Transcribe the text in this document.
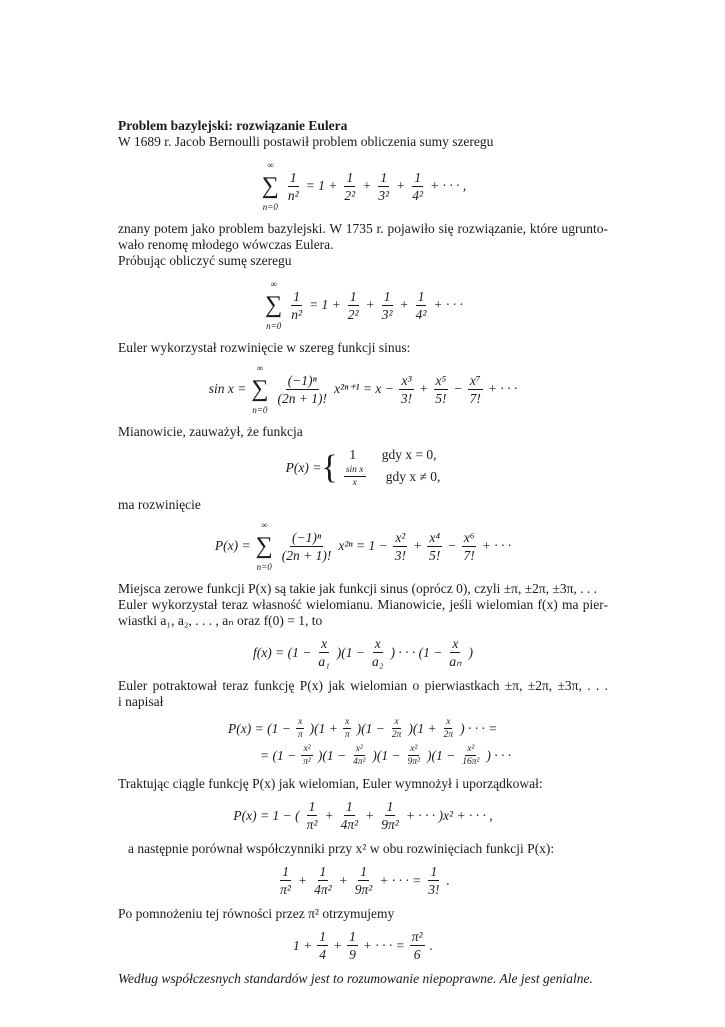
Problem bazylejski: rozwiązanie Eulera
W 1689 r. Jacob Bernoulli postawił problem obliczenia sumy szeregu
∞
∑
n=0
$\frac{1}{\text{n²}} = 1 + \frac{1}{\text{2²}} + \frac{1}{\text{3²}} + \frac{1}{\text{4²}}$ + · · · ,
znany potem jako problem bazylejski. W 1735 r. pojawiło się rozwiązanie, które ugrunto-
wało renomę młodego wówczas Eulera.
Próbując obliczyć sumę szeregu
∞
∑
n=0
$\frac{1}{\text{n²}} = 1 + \frac{1}{\text{2²}} + \frac{1}{\text{3²}} + \frac{1}{\text{4²}}$ + · · ·
Euler wykorzystał rozwinięcie w szereg funkcji sinus:
sin x =
∞
∑
n=0
$\frac{\text{(−1)ⁿ}}{(2n + 1)!} x^{2n+1} = x - \frac{\text{x³}}{3!} + \frac{\text{x⁵}}{5!} - \frac{\text{x⁷}}{7!}$ + · · ·
Mianowicie, zauważył, że funkcja
P(x) = { 1	gdy x = 0,
$\frac{\text{sin x}}{x}$ gdy x ≠ 0,
ma rozwinięcie
P(x) =
∞
∑
n=0
$\frac{\text{(−1)ⁿ}}{(2n + 1)!} x^{2n} = 1 - \frac{\text{x²}}{3!} + \frac{\text{x⁴}}{5!} - \frac{\text{x⁶}}{7!}$ + · · ·
Miejsca zerowe funkcji P(x) są takie jak funkcji sinus (oprócz 0), czyli ±π, ±2π, ±3π, . . .
Euler wykorzystał teraz własność wielomianu. Mianowicie, jeśli wielomian f(x) ma pier-
wiastki a₁, a₂, . . . , aₙ oraz f(0) = 1, to
$f(x) = (1 - \frac{x}{\text{a₁}} )(1 - \frac{x}{\text{a₂}}$ ) · · · ($1 - \frac{x}{\text{aₙ}}$ )
Euler potraktował teraz funkcję P(x) jak wielomian o pierwiastkach ±π, ±2π, ±3π, . . .
i napisał
$P(x) = (1 - \frac{x}{\pi} )(1 + \frac{x}{\pi} )(1 - \frac{x}{2\pi} )(1 + \frac{x}{2\pi}$ ) · · · =
= $(1 - \frac{\text{x²}}{\text{π²}} )(1 - \frac{\text{x²}}{\text{4π²}} )(1 - \frac{\text{x²}}{\text{9π²}} )(1 - \frac{\text{x²}}{\text{16π²}}$ ) · · ·
Traktując ciągle funkcję P(x) jak wielomian, Euler wymnożył i uporządkował:
P(x) = 1 − ( $\frac{1}{\text{π²}} + \frac{1}{\text{4π²}} + \frac{1}{\text{9π²}}$ + · · · )x² + · · · ,
a następnie porównał współczynniki przy x² w obu rozwinięciach funkcji P(x):
$\frac{1}{\text{π²}} + \frac{1}{\text{4π²}} + \frac{1}{\text{9π²}}$ + · · · = $\frac{1}{3!}$ .
Po pomnożeniu tej równości przez π² otrzymujemy
$1 + \frac{1}{4} + \frac{1}{9}$ + · · · = $\frac{\text{π²}}{6}$ .
Według współczesnych standardów jest to rozumowanie niepoprawne. Ale jest genialne.
